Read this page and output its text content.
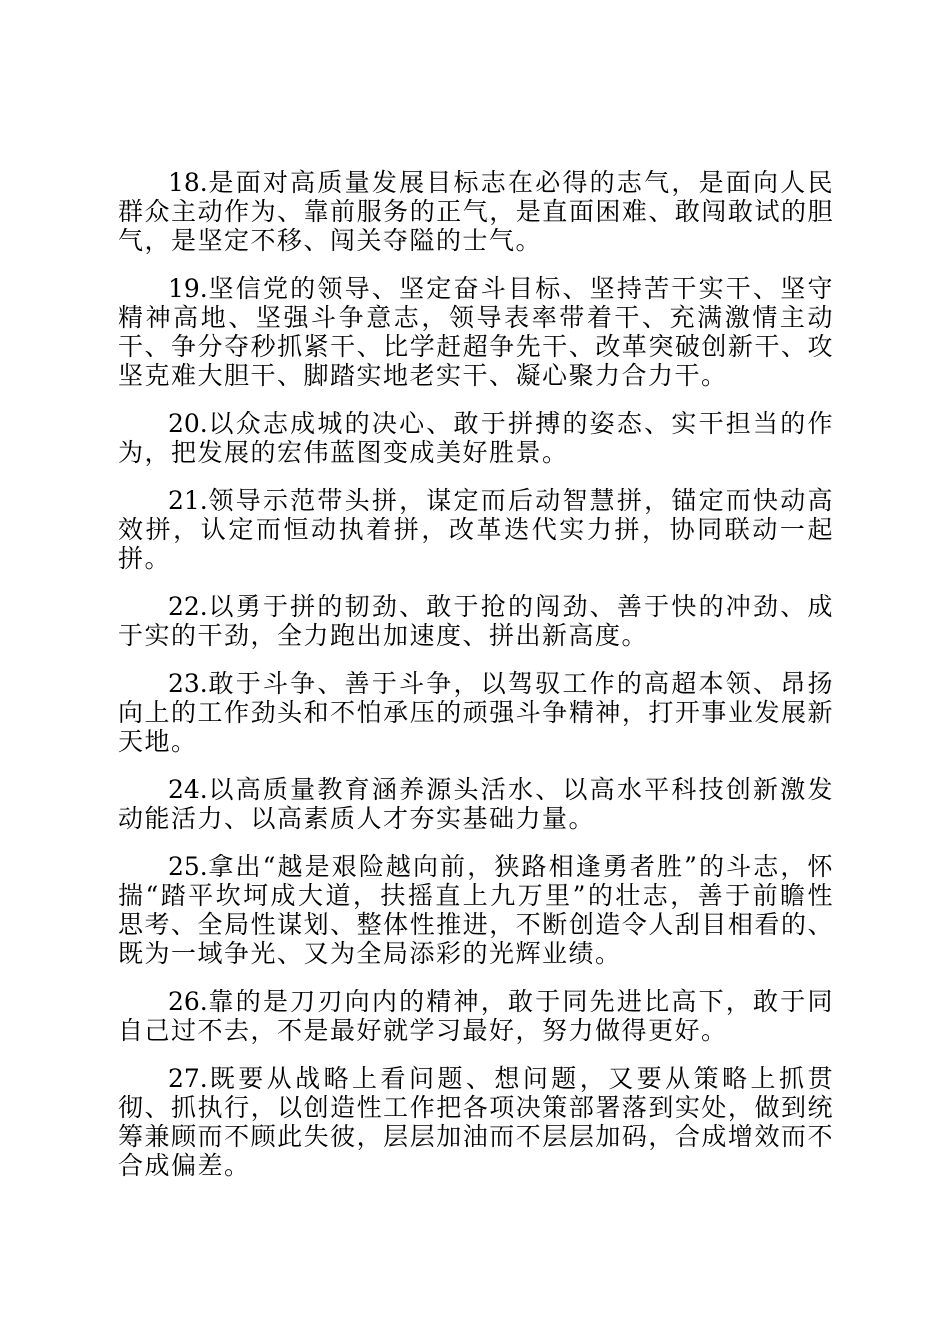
18.是面对高质量发展目标志在必得的志气，是面向人民群众主动作为、靠前服务的正气，是直面困难、敢闯敢试的胆气，是坚定不移、闯关夺隘的士气。

19.坚信党的领导、坚定奋斗目标、坚持苦干实干、坚守精神高地、坚强斗争意志，领导表率带着干、充满激情主动干、争分夺秒抓紧干、比学赶超争先干、改革突破创新干、攻坚克难大胆干、脚踏实地老实干、凝心聚力合力干。

20.以众志成城的决心、敢于拼搏的姿态、实干担当的作为，把发展的宏伟蓝图变成美好胜景。

21.领导示范带头拼，谋定而后动智慧拼，锚定而快动高效拼，认定而恒动执着拼，改革迭代实力拼，协同联动一起拼。

22.以勇于拼的韧劲、敢于抢的闯劲、善于快的冲劲、成于实的干劲，全力跑出加速度、拼出新高度。

23.敢于斗争、善于斗争，以驾驭工作的高超本领、昂扬向上的工作劲头和不怕承压的顽强斗争精神，打开事业发展新天地。

24.以高质量教育涵养源头活水、以高水平科技创新激发动能活力、以高素质人才夯实基础力量。

25.拿出“越是艰险越向前，狭路相逢勇者胜”的斗志，怀揣“踏平坎坷成大道，扶摇直上九万里”的壮志，善于前瞻性思考、全局性谋划、整体性推进，不断创造令人刮目相看的、既为一域争光、又为全局添彩的光辉业绩。

26.靠的是刀刃向内的精神，敢于同先进比高下，敢于同自己过不去，不是最好就学习最好，努力做得更好。

27.既要从战略上看问题、想问题，又要从策略上抓贯彻、抓执行，以创造性工作把各项决策部署落到实处，做到统筹兼顾而不顾此失彼，层层加油而不层层加码，合成增效而不合成偏差。
